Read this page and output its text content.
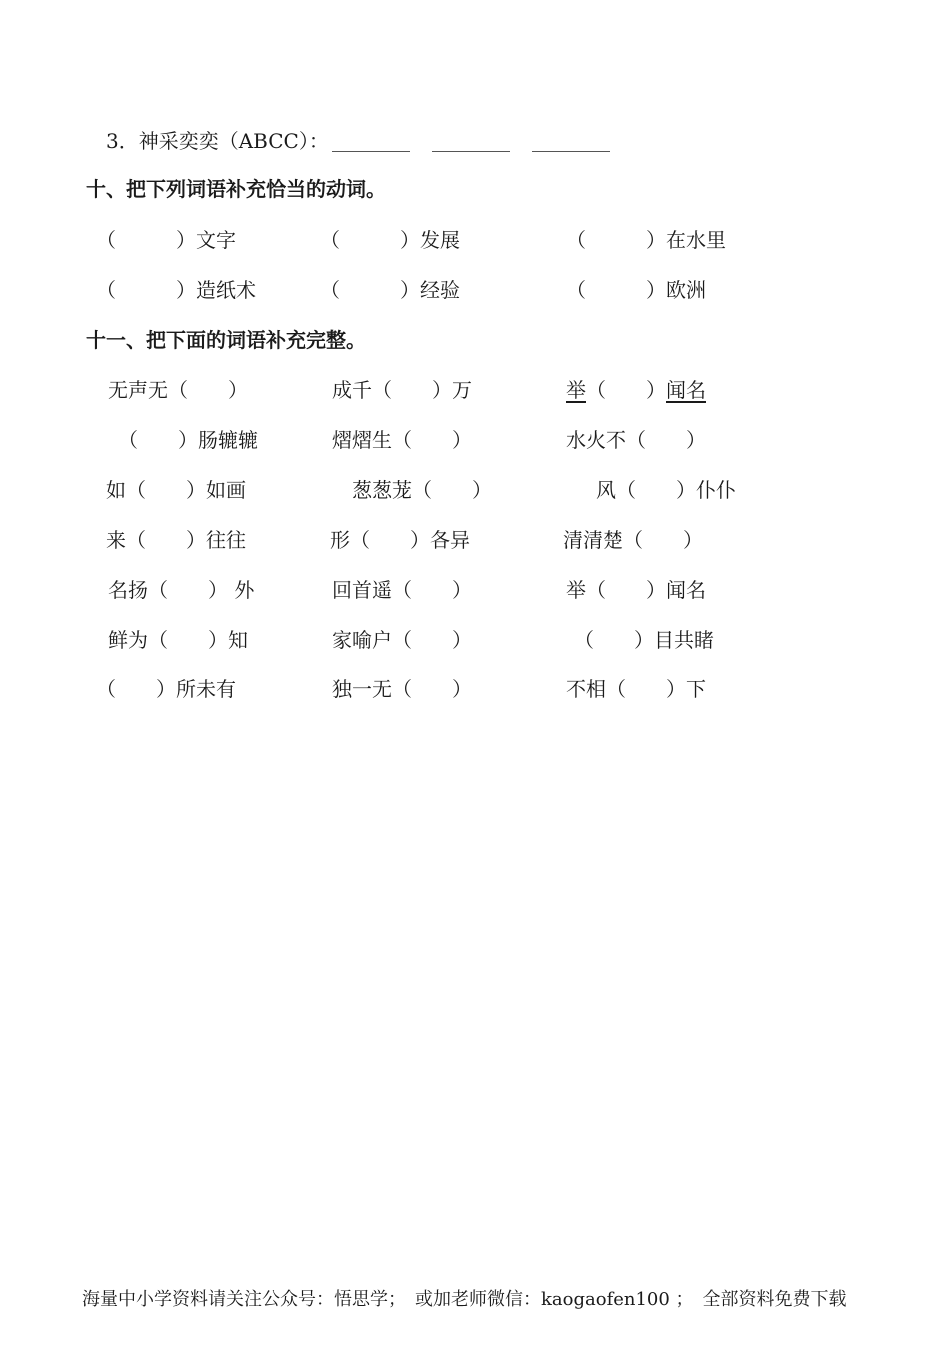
3．神采奕奕（ABCC）：
十、把下列词语补充恰当的动词。
（　　　）文字	（　　　）发展	（　　　）在水里
（　　　）造纸术	（　　　）经验	（　　　）欧洲
十一、把下面的词语补充完整。
无声无（　　）	成千（　　）万	举（　　）闻名
（　　）肠辘辘	熠熠生（　　）	水火不（　　）
如（　　）如画	葱葱茏（　　）	风（　　）仆仆
来（　　）往往	形（　　）各异	清清楚（　　）
名扬（　　） 外	回首遥（　　）	举（　　）闻名
鲜为（　　）知	家喻户（　　）	（　　）目共睹
（　　）所未有	独一无（　　）	不相（　　）下
海量中小学资料请关注公众号：悟思学；　或加老师微信：kaogaofen100 ；　全部资料免费下载
